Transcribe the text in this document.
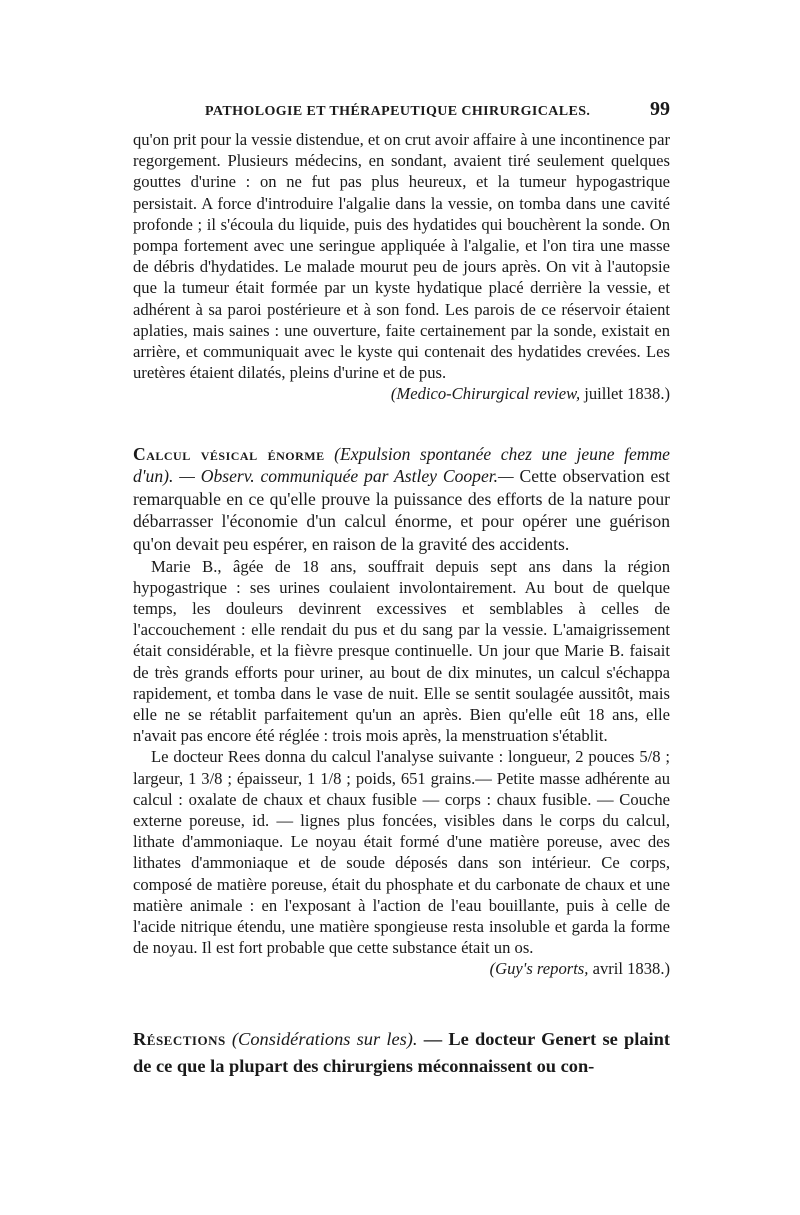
PATHOLOGIE ET THÉRAPEUTIQUE CHIRURGICALES.	99

qu'on prit pour la vessie distendue, et on crut avoir affaire à une incontinence par regorgement. Plusieurs médecins, en sondant, avaient tiré seulement quelques gouttes d'urine : on ne fut pas plus heureux, et la tumeur hypogastrique persistait. A force d'introduire l'algalie dans la vessie, on tomba dans une cavité profonde ; il s'écoula du liquide, puis des hydatides qui bouchèrent la sonde. On pompa fortement avec une seringue appliquée à l'algalie, et l'on tira une masse de débris d'hydatides. Le malade mourut peu de jours après. On vit à l'autopsie que la tumeur était formée par un kyste hydatique placé derrière la vessie, et adhérent à sa paroi postérieure et à son fond. Les parois de ce réservoir étaient aplaties, mais saines : une ouverture, faite certainement par la sonde, existait en arrière, et communiquait avec le kyste qui contenait des hydatides crevées. Les uretères étaient dilatés, pleins d'urine et de pus.
(Medico-Chirurgical review, juillet 1838.)

Calcul vésical énorme (Expulsion spontanée chez une jeune femme d'un). — Observ. communiquée par Astley Cooper.— Cette observation est remarquable en ce qu'elle prouve la puissance des efforts de la nature pour débarrasser l'économie d'un calcul énorme, et pour opérer une guérison qu'on devait peu espérer, en raison de la gravité des accidents.

Marie B., âgée de 18 ans, souffrait depuis sept ans dans la région hypogastrique : ses urines coulaient involontairement. Au bout de quelque temps, les douleurs devinrent excessives et semblables à celles de l'accouchement : elle rendait du pus et du sang par la vessie. L'amaigrissement était considérable, et la fièvre presque continuelle. Un jour que Marie B. faisait de très grands efforts pour uriner, au bout de dix minutes, un calcul s'échappa rapidement, et tomba dans le vase de nuit. Elle se sentit soulagée aussitôt, mais elle ne se rétablit parfaitement qu'un an après. Bien qu'elle eût 18 ans, elle n'avait pas encore été réglée : trois mois après, la menstruation s'établit.

Le docteur Rees donna du calcul l'analyse suivante : longueur, 2 pouces 5/8 ; largeur, 1 3/8 ; épaisseur, 1 1/8 ; poids, 651 grains.— Petite masse adhérente au calcul : oxalate de chaux et chaux fusible — corps : chaux fusible. — Couche externe poreuse, id. — lignes plus foncées, visibles dans le corps du calcul, lithate d'ammoniaque. Le noyau était formé d'une matière poreuse, avec des lithates d'ammoniaque et de soude déposés dans son intérieur. Ce corps, composé de matière poreuse, était du phosphate et du carbonate de chaux et une matière animale : en l'exposant à l'action de l'eau bouillante, puis à celle de l'acide nitrique étendu, une matière spongieuse resta insoluble et garda la forme de noyau. Il est fort probable que cette substance était un os.
(Guy's reports, avril 1838.)

Résections (Considérations sur les). — Le docteur Genert se plaint de ce que la plupart des chirurgiens méconnaissent ou con-
